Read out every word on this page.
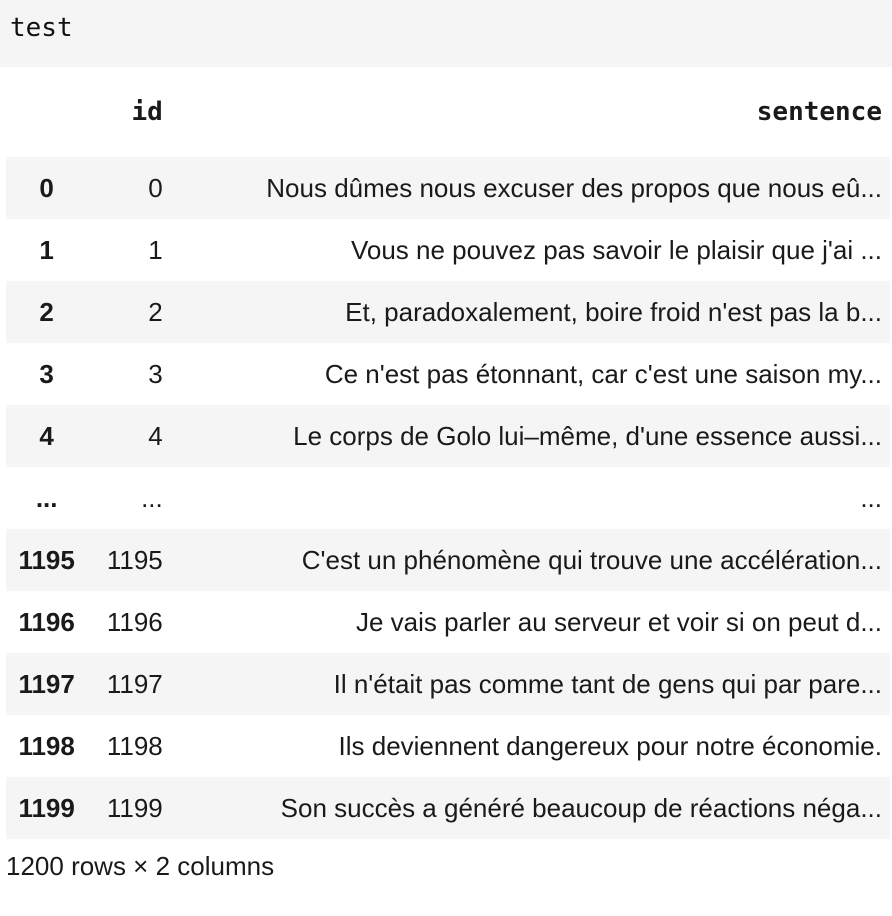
test
	id	sentence
0	0	Nous dûmes nous excuser des propos que nous eû...
1	1	Vous ne pouvez pas savoir le plaisir que j'ai ...
2	2	Et, paradoxalement, boire froid n'est pas la b...
3	3	Ce n'est pas étonnant, car c'est une saison my...
4	4	Le corps de Golo lui–même, d'une essence aussi...
...	...	...
1195	1195	C'est un phénomène qui trouve une accélération...
1196	1196	Je vais parler au serveur et voir si on peut d...
1197	1197	Il n'était pas comme tant de gens qui par pare...
1198	1198	Ils deviennent dangereux pour notre économie.
1199	1199	Son succès a généré beaucoup de réactions néga...
1200 rows × 2 columns
